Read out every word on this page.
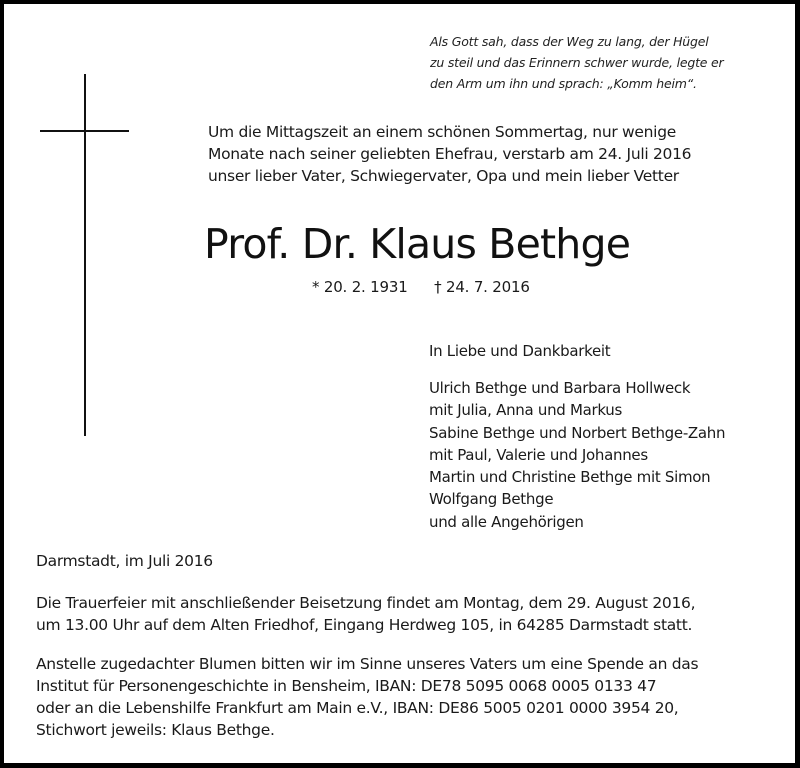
Als Gott sah, dass der Weg zu lang, der Hügel
zu steil und das Erinnern schwer wurde, legte er
den Arm um ihn und sprach: „Komm heim“.
Um die Mittagszeit an einem schönen Sommertag, nur wenige
Monate nach seiner geliebten Ehefrau, verstarb am 24. Juli 2016
unser lieber Vater, Schwiegervater, Opa und mein lieber Vetter
Prof. Dr. Klaus Bethge
* 20. 2. 1931 † 24. 7. 2016
In Liebe und Dankbarkeit
Ulrich Bethge und Barbara Hollweck
mit Julia, Anna und Markus
Sabine Bethge und Norbert Bethge-Zahn
mit Paul, Valerie und Johannes
Martin und Christine Bethge mit Simon
Wolfgang Bethge
und alle Angehörigen
Darmstadt, im Juli 2016
Die Trauerfeier mit anschließender Beisetzung findet am Montag, dem 29. August 2016,
um 13.00 Uhr auf dem Alten Friedhof, Eingang Herdweg 105, in 64285 Darmstadt statt.
Anstelle zugedachter Blumen bitten wir im Sinne unseres Vaters um eine Spende an das
Institut für Personengeschichte in Bensheim, IBAN: DE78 5095 0068 0005 0133 47
oder an die Lebenshilfe Frankfurt am Main e.V., IBAN: DE86 5005 0201 0000 3954 20,
Stichwort jeweils: Klaus Bethge.
